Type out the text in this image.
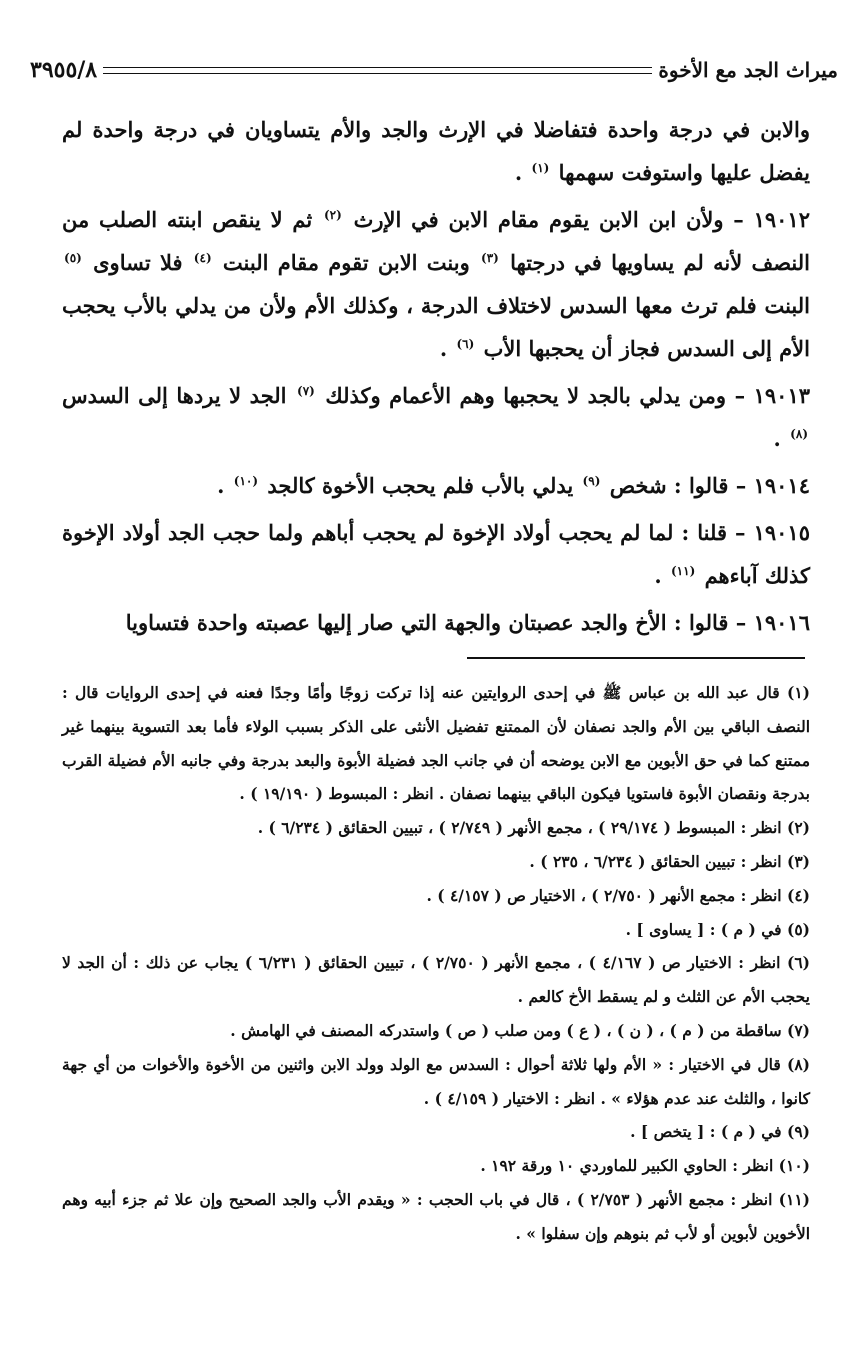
ميراث الجد مع الأخوة
٣٩٥٥/٨

والابن في درجة واحدة فتفاضلا في الإرث والجد والأم يتساويان في درجة واحدة لم يفضل عليها واستوفت سهمها $^{(١)}$ .

١٩٠١٢ – ولأن ابن الابن يقوم مقام الابن في الإرث $^{(٢)}$ ثم لا ينقص ابنته الصلب من النصف لأنه لم يساويها في درجتها $^{(٣)}$ وبنت الابن تقوم مقام البنت $^{(٤)}$ فلا تساوى $^{(٥)}$ البنت فلم ترث معها السدس لاختلاف الدرجة ، وكذلك الأم ولأن من يدلي بالأب يحجب الأم إلى السدس فجاز أن يحجبها الأب $^{(٦)}$ .

١٩٠١٣ – ومن يدلي بالجد لا يحجبها وهم الأعمام وكذلك $^{(٧)}$ الجد لا يردها إلى السدس $^{(٨)}$ .

١٩٠١٤ – قالوا : شخص $^{(٩)}$ يدلي بالأب فلم يحجب الأخوة كالجد $^{(١٠)}$ .

١٩٠١٥ – قلنا : لما لم يحجب أولاد الإخوة لم يحجب أباهم ولما حجب الجد أولاد الإخوة كذلك آباءهم $^{(١١)}$ .

١٩٠١٦ – قالوا : الأخ والجد عصبتان والجهة التي صار إليها عصبته واحدة فتساويا

(١) قال عبد الله بن عباس ﷺ في إحدى الروايتين عنه إذا تركت زوجًا وأمًا وجدًا فعنه في إحدى الروايات قال : النصف الباقي بين الأم والجد نصفان لأن الممتنع تفضيل الأنثى على الذكر بسبب الولاء فأما بعد التسوية بينهما غير ممتنع كما في حق الأبوين مع الابن يوضحه أن في جانب الجد فضيلة الأبوة والبعد بدرجة وفي جانبه الأم فضيلة القرب بدرجة ونقصان الأبوة فاستويا فيكون الباقي بينهما نصفان . انظر : المبسوط ( ١٩/١٩٠ ) .

(٢) انظر : المبسوط ( ٢٩/١٧٤ ) ، مجمع الأنهر ( ٢/٧٤٩ ) ، تبيين الحقائق ( ٦/٢٣٤ ) .

(٣) انظر : تبيين الحقائق ( ٦/٢٣٤ ، ٢٣٥ ) .

(٤) انظر : مجمع الأنهر ( ٢/٧٥٠ ) ، الاختيار ص ( ٤/١٥٧ ) .

(٥) في ( م ) : [ يساوى ] .

(٦) انظر : الاختيار ص ( ٤/١٦٧ ) ، مجمع الأنهر ( ٢/٧٥٠ ) ، تبيين الحقائق ( ٦/٢٣١ ) يجاب عن ذلك : أن الجد لا يحجب الأم عن الثلث و لم يسقط الأخ كالعم .

(٧) ساقطة من ( م ) ، ( ن ) ، ( ع ) ومن صلب ( ص ) واستدركه المصنف في الهامش .

(٨) قال في الاختيار : « الأم ولها ثلاثة أحوال : السدس مع الولد وولد الابن واثنين من الأخوة والأخوات من أي جهة كانوا ، والثلث عند عدم هؤلاء » . انظر : الاختيار ( ٤/١٥٩ ) .

(٩) في ( م ) : [ يتخص ] .

(١٠) انظر : الحاوي الكبير للماوردي ١٠ ورقة ١٩٢ .

(١١) انظر : مجمع الأنهر ( ٢/٧٥٣ ) ، قال في باب الحجب : « ويقدم الأب والجد الصحيح وإن علا ثم جزء أبيه وهم الأخوين لأبوين أو لأب ثم بنوهم وإن سفلوا » .
